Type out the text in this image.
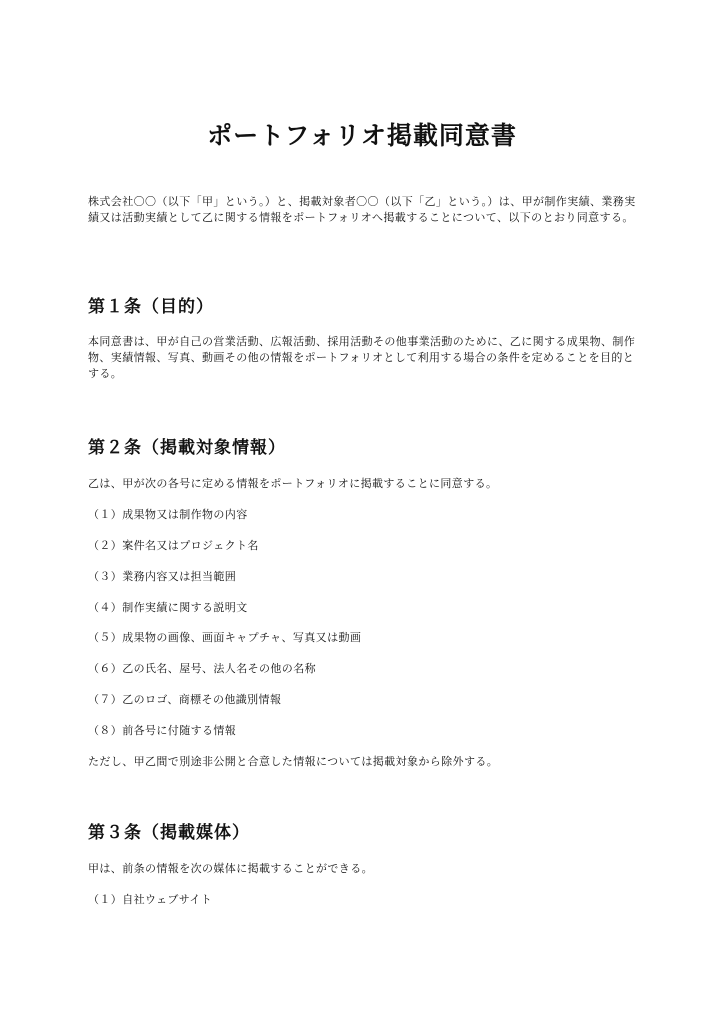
ポートフォリオ掲載同意書

株式会社〇〇（以下「甲」という。）と、掲載対象者〇〇（以下「乙」という。）は、甲が制作実績、業務実績又は活動実績として乙に関する情報をポートフォリオへ掲載することについて、以下のとおり同意する。

第１条（目的）

本同意書は、甲が自己の営業活動、広報活動、採用活動その他事業活動のために、乙に関する成果物、制作物、実績情報、写真、動画その他の情報をポートフォリオとして利用する場合の条件を定めることを目的とする。

第２条（掲載対象情報）

乙は、甲が次の各号に定める情報をポートフォリオに掲載することに同意する。

（１）成果物又は制作物の内容

（２）案件名又はプロジェクト名

（３）業務内容又は担当範囲

（４）制作実績に関する説明文

（５）成果物の画像、画面キャプチャ、写真又は動画

（６）乙の氏名、屋号、法人名その他の名称

（７）乙のロゴ、商標その他識別情報

（８）前各号に付随する情報

ただし、甲乙間で別途非公開と合意した情報については掲載対象から除外する。

第３条（掲載媒体）

甲は、前条の情報を次の媒体に掲載することができる。

（１）自社ウェブサイト
